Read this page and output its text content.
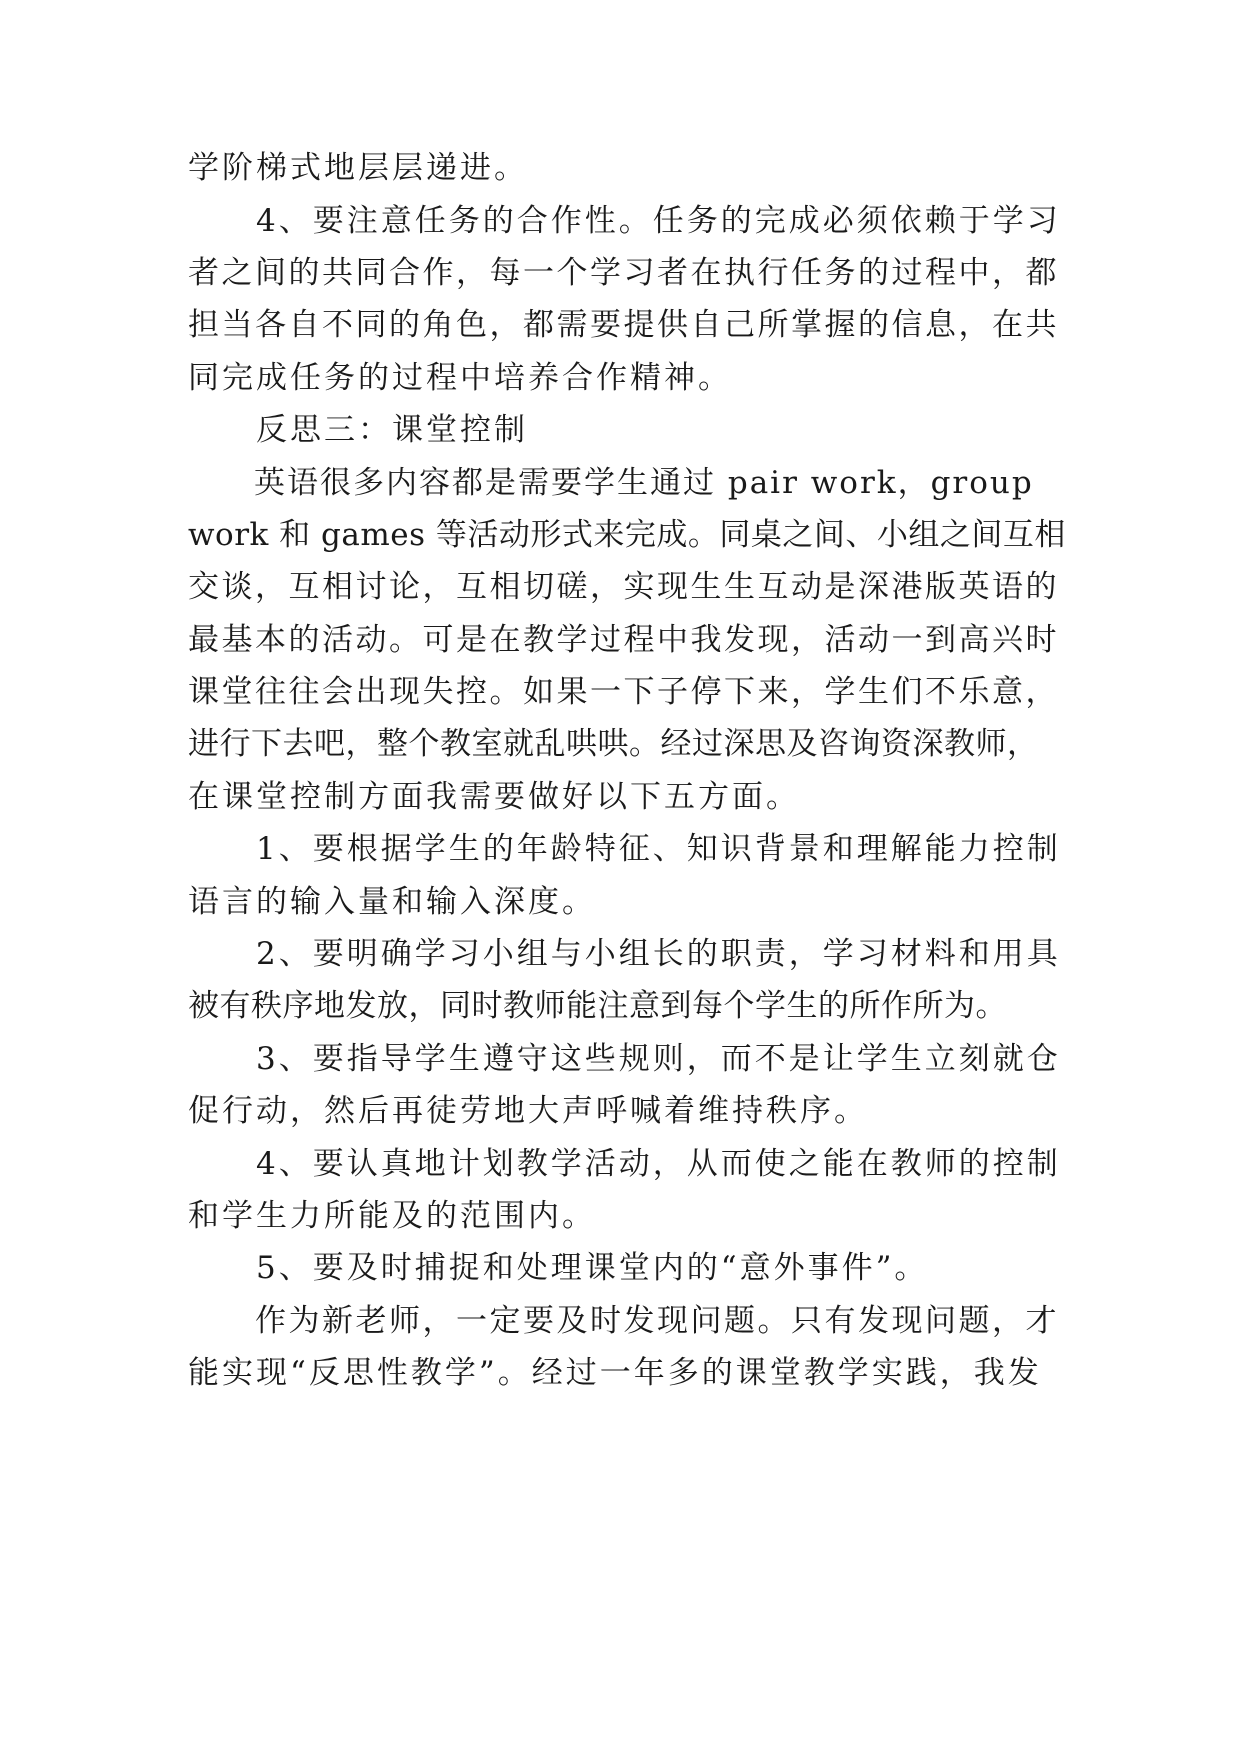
学阶梯式地层层递进。
　　4、要注意任务的合作性。任务的完成必须依赖于学习
者之间的共同合作，每一个学习者在执行任务的过程中，都
担当各自不同的角色，都需要提供自己所掌握的信息，在共
同完成任务的过程中培养合作精神。
　　反思三：课堂控制
　　英语很多内容都是需要学生通过 pair work，group
work 和 games 等活动形式来完成。同桌之间、小组之间互相
交谈，互相讨论，互相切磋，实现生生互动是深港版英语的
最基本的活动。可是在教学过程中我发现，活动一到高兴时
课堂往往会出现失控。如果一下子停下来，学生们不乐意，
进行下去吧，整个教室就乱哄哄。经过深思及咨询资深教师，
在课堂控制方面我需要做好以下五方面。
　　1、要根据学生的年龄特征、知识背景和理解能力控制
语言的输入量和输入深度。
　　2、要明确学习小组与小组长的职责，学习材料和用具
被有秩序地发放，同时教师能注意到每个学生的所作所为。
　　3、要指导学生遵守这些规则，而不是让学生立刻就仓
促行动，然后再徒劳地大声呼喊着维持秩序。
　　4、要认真地计划教学活动，从而使之能在教师的控制
和学生力所能及的范围内。
　　5、要及时捕捉和处理课堂内的“意外事件”。
　　作为新老师，一定要及时发现问题。只有发现问题，才
能实现“反思性教学”。经过一年多的课堂教学实践，我发
